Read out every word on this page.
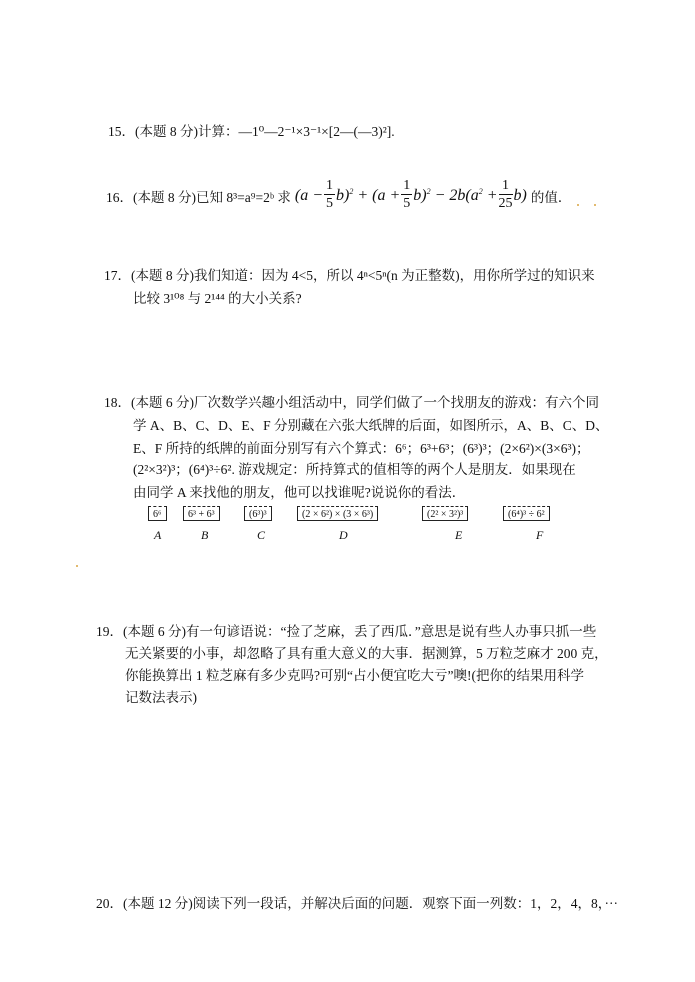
15．(本题 8 分)计算：—1⁰—2⁻¹×3⁻¹×[2—(—3)²].
16．(本题 8 分)已知 8³=a⁹=2ᵇ 求 $(a - \frac{1}{5} b)^2 + (a + \frac{1}{5} b)^2 - 2b(a^2 + \frac{1}{25} b)$ 的值．
17．(本题 8 分)我们知道：因为 4<5，所以 4ⁿ<5ⁿ(n 为正整数)，用你所学过的知识来
比较 3¹⁰⁸ 与 2¹⁴⁴ 的大小关系?
18．(本题 6 分)厂次数学兴趣小组活动中，同学们做了一个找朋友的游戏：有六个同
学 A、B、C、D、E、F 分别藏在六张大纸牌的后面，如图所示，A、B、C、D、
E、F 所持的纸牌的前面分别写有六个算式：6⁶；6³+6³；(6³)³；(2×6²)×(3×6³)；
(2²×3²)³；(6⁴)³÷6². 游戏规定：所持算式的值相等的两个人是朋友．如果现在
由同学 A 来找他的朋友，他可以找谁呢?说说你的看法．
6⁶	6³ + 6³	(6³)³	(2 × 6²) × (3 × 6³)	(2² × 3²)³	(6⁴)³ ÷ 6²
A	B	C	D	E	F
19．(本题 6 分)有一句谚语说：“捡了芝麻，丢了西瓜．”意思是说有些人办事只抓一些
无关紧要的小事，却忽略了具有重大意义的大事．据测算，5 万粒芝麻才 200 克，
你能换算出 1 粒芝麻有多少克吗?可别“占小便宜吃大亏”噢!(把你的结果用科学
记数法表示)
20．(本题 12 分)阅读下列一段话，并解决后面的问题．观察下面一列数：1，2，4，8，···
